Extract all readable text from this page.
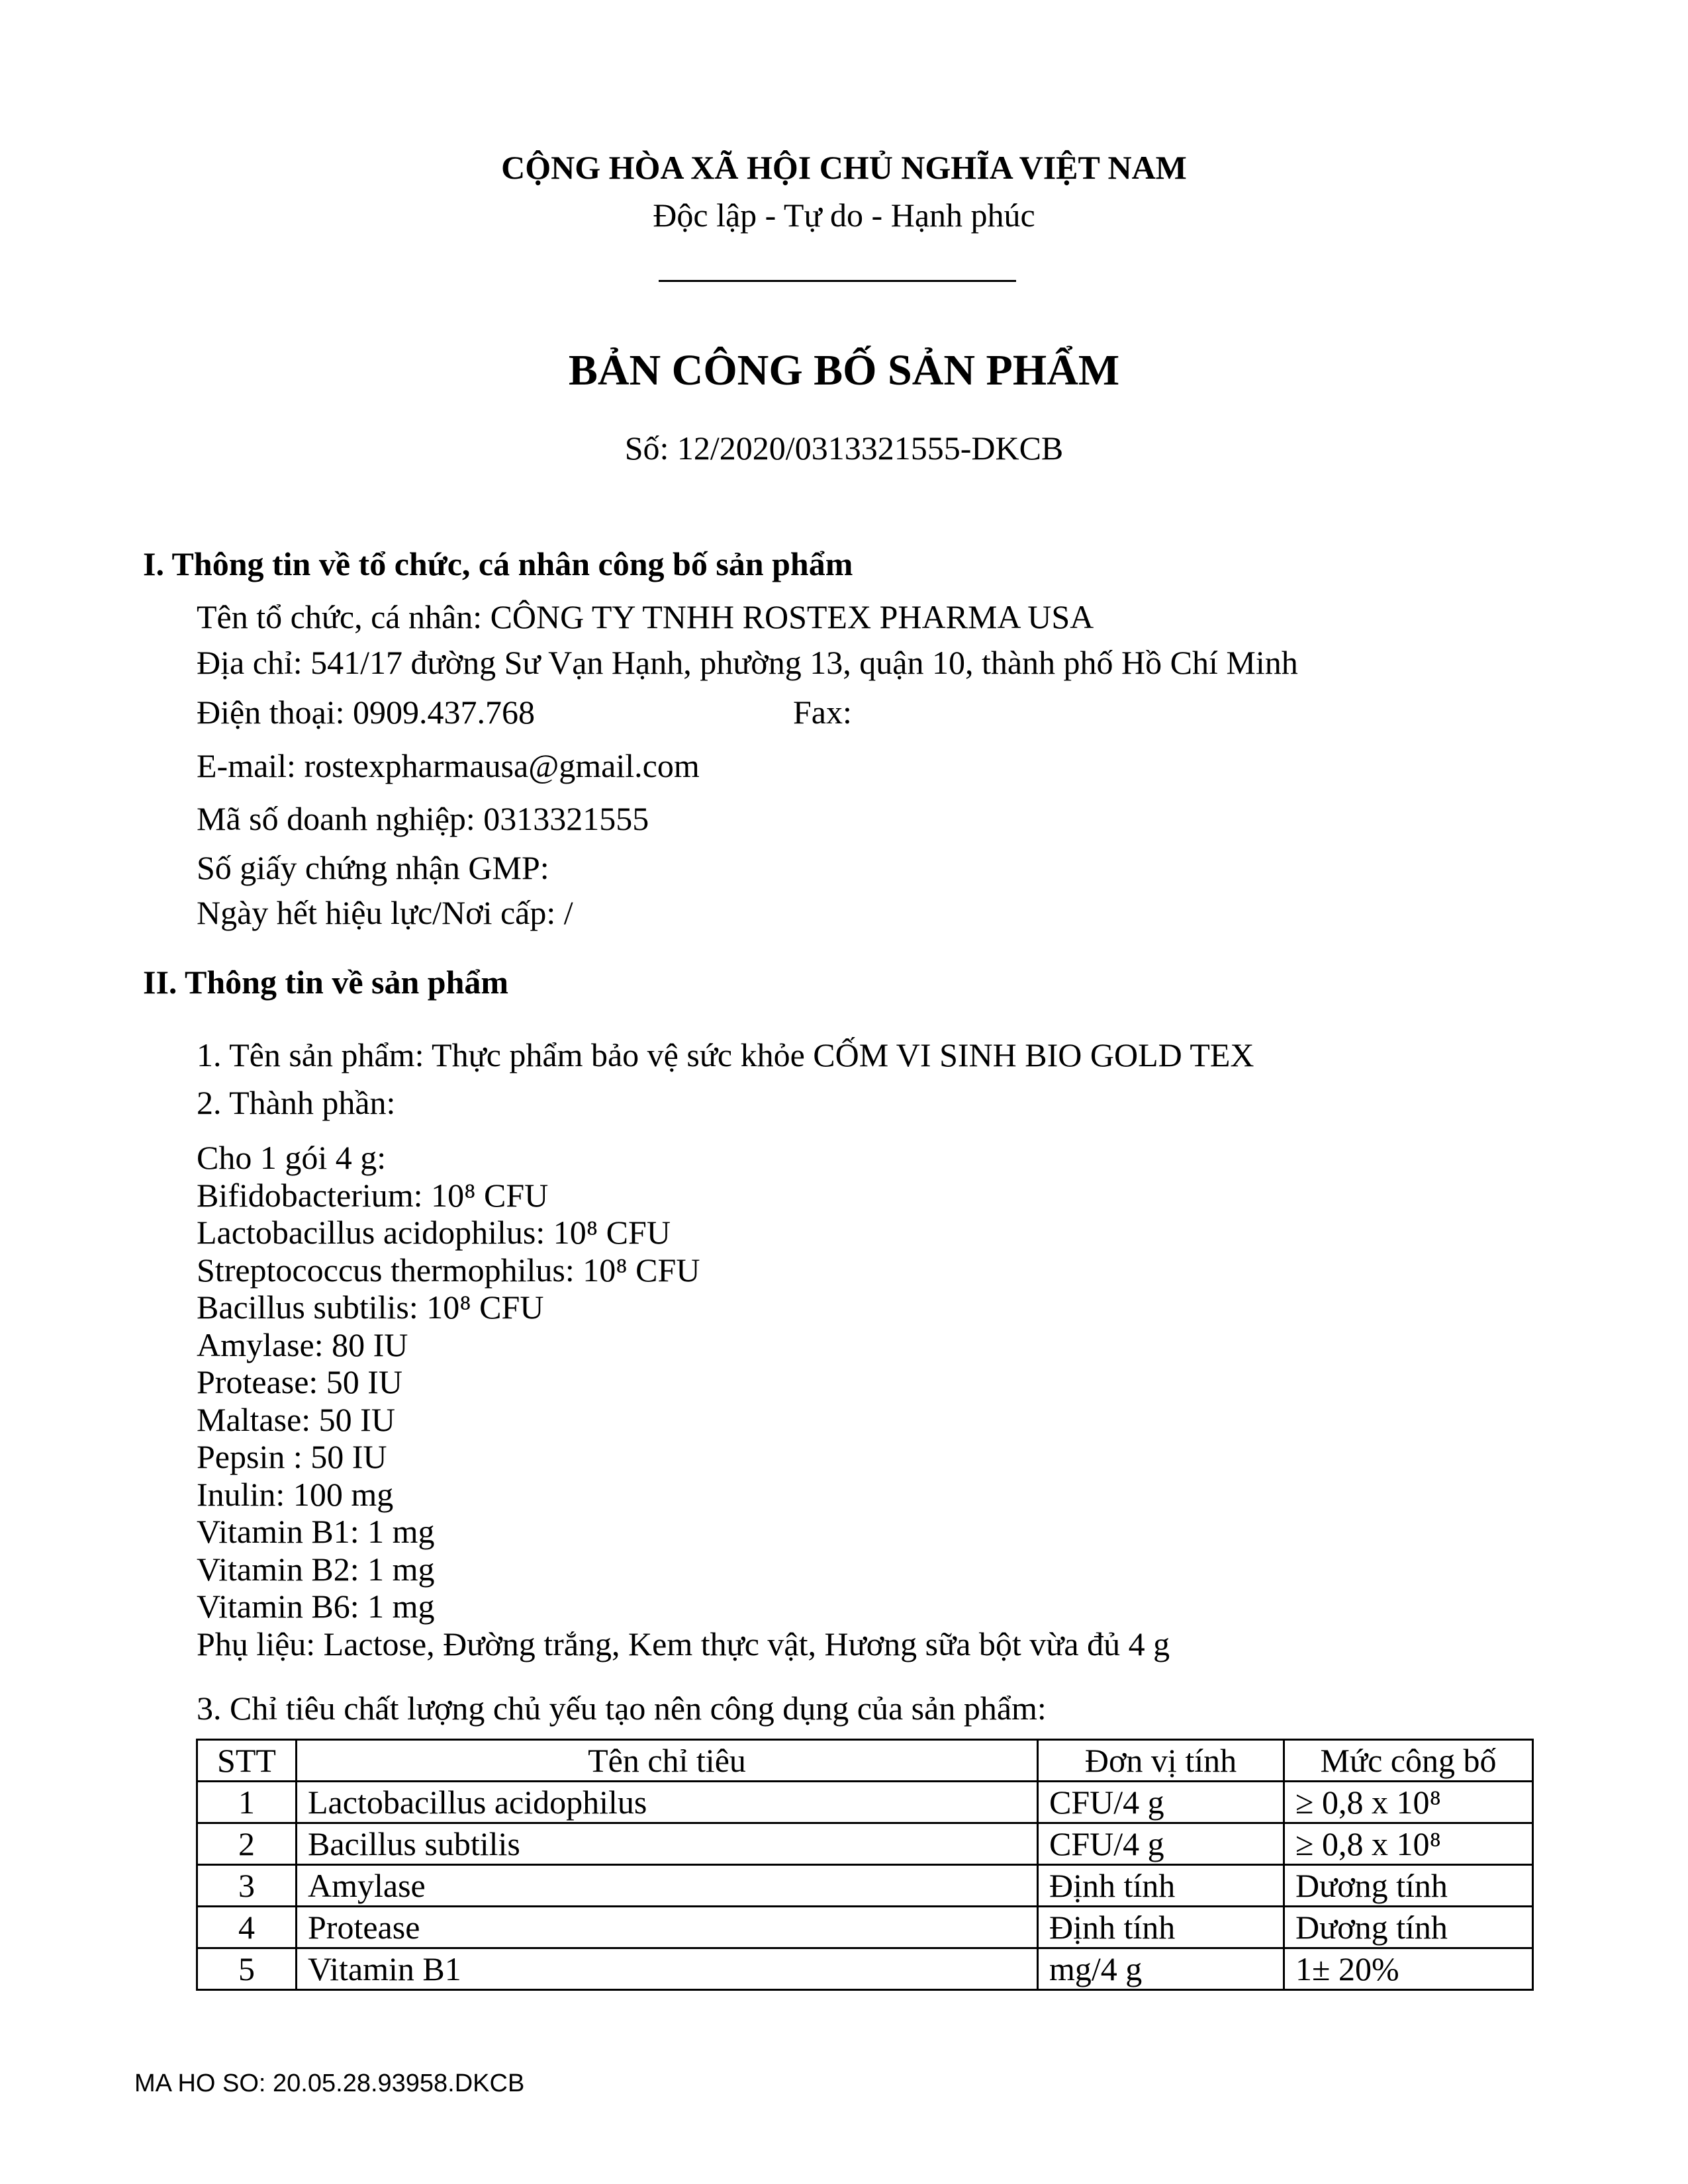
CỘNG HÒA XÃ HỘI CHỦ NGHĨA VIỆT NAM

Độc lập - Tự do - Hạnh phúc

BẢN CÔNG BỐ SẢN PHẨM

Số: 12/2020/0313321555-DKCB

I. Thông tin về tổ chức, cá nhân công bố sản phẩm

Tên tổ chức, cá nhân: CÔNG TY TNHH ROSTEX PHARMA USA

Địa chỉ: 541/17 đường Sư Vạn Hạnh, phường 13, quận 10, thành phố Hồ Chí Minh

Điện thoại: 0909.437.768	Fax:

E-mail: rostexpharmausa@gmail.com

Mã số doanh nghiệp: 0313321555

Số giấy chứng nhận GMP:

Ngày hết hiệu lực/Nơi cấp: /

II. Thông tin về sản phẩm

1. Tên sản phẩm: Thực phẩm bảo vệ sức khỏe CỐM VI SINH BIO GOLD TEX

2. Thành phần:

Cho 1 gói 4 g:
Bifidobacterium: 10⁸ CFU
Lactobacillus acidophilus: 10⁸ CFU
Streptococcus thermophilus: 10⁸ CFU
Bacillus subtilis: 10⁸ CFU
Amylase: 80 IU
Protease: 50 IU
Maltase: 50 IU
Pepsin : 50 IU
Inulin: 100 mg
Vitamin B1: 1 mg
Vitamin B2: 1 mg
Vitamin B6: 1 mg
Phụ liệu: Lactose, Đường trắng, Kem thực vật, Hương sữa bột vừa đủ 4 g

3. Chỉ tiêu chất lượng chủ yếu tạo nên công dụng của sản phẩm:

STT	Tên chỉ tiêu	Đơn vị tính	Mức công bố
1	Lactobacillus acidophilus	CFU/4 g	≥ 0,8 x 10⁸
2	Bacillus subtilis	CFU/4 g	≥ 0,8 x 10⁸
3	Amylase	Định tính	Dương tính
4	Protease	Định tính	Dương tính
5	Vitamin B1	mg/4 g	1± 20%

MA HO SO: 20.05.28.93958.DKCB
